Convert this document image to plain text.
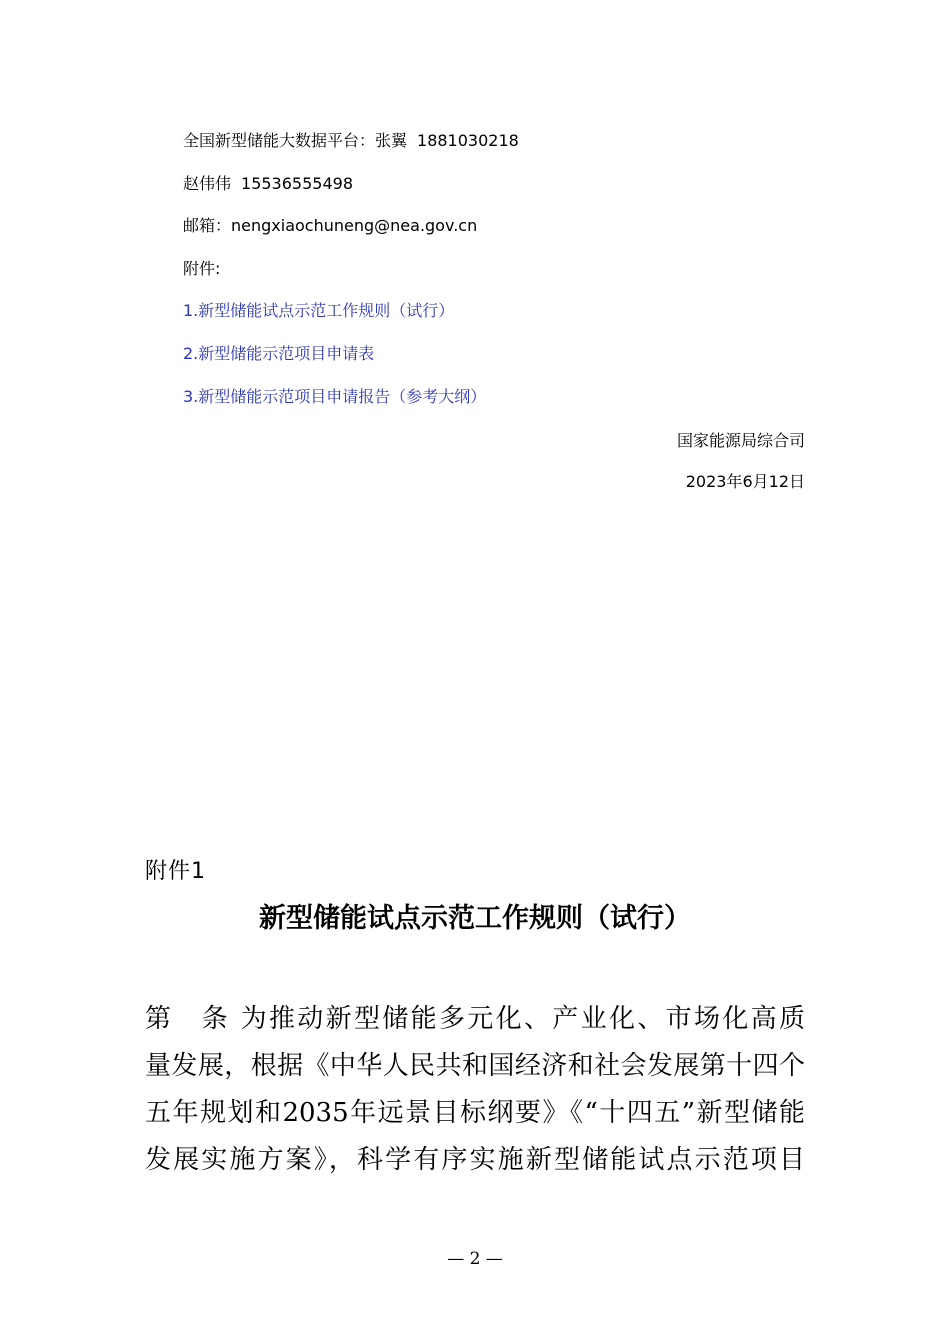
全国新型储能大数据平台：张翼 1881030218
赵伟伟 15536555498
邮箱：nengxiaochuneng@nea.gov.cn
附件:
1.新型储能试点示范工作规则（试行）
2.新型储能示范项目申请表
3.新型储能示范项目申请报告（参考大纲）
国家能源局综合司
2023年6月12日
附件1
新型储能试点示范工作规则（试行）
第　条 为推动新型储能多元化、产业化、市场化高质
量发展，根据《中华人民共和国经济和社会发展第十四个
五年规划和2035年远景目标纲要》《“十四五”新型储能
发展实施方案》，科学有序实施新型储能试点示范项目
— 2 —
